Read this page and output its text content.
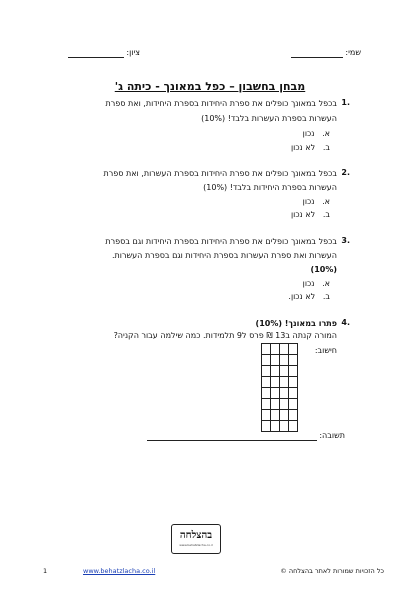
שמי:
ציון:
מבחן בחשבון – כפל במאונך - כיתה ג'
1.
בכפל במאונך כופלים את ספרת היחידות בספרת היחידות, ואת ספרת
העשרות בספרת העשרות בלבד! (10%)
א.   נכון
ב.   לא נכון
2.
בכפל במאונך כופלים את ספרת היחידות בספרת העשרות, ואת ספרת
העשרות בספרת היחידות בלבד! (10%)
א.   נכון
ב.   לא נכון
3.
בכפל במאונך כופלים את ספרת היחידות בספרת היחידות וגם בספרת
העשרות ואת ספרת העשרות בספרת היחידות וגם בספרת העשרות.
(10%)
א.   נכון
ב.   לא נכון.
4.
פתרו במאונך! (10%)
המורה קנתה ב13 ₪ פרס ל9 תלמידות. כמה שילמה עבור הקניה?
חישוב:

תשובה:
בהצלחה
www.behatzlacha.co.il
1	www.behatzlacha.co.il	כל הזכויות שמורות לאתר בהצלחה ©
